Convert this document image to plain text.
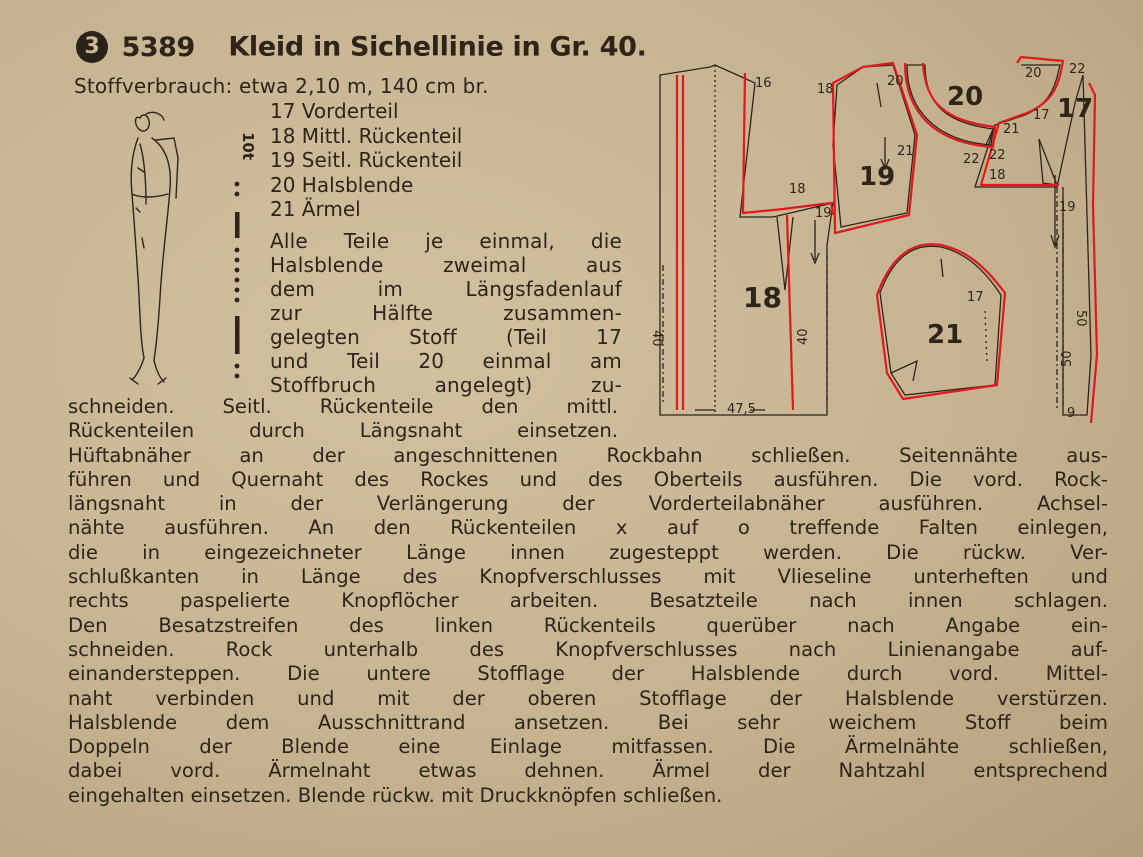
3 5389 Kleid in Sichellinie in Gr. 40.
Stoffverbrauch: etwa 2,10 m, 140 cm br.
10t
17 Vorderteil
18 Mittl. Rückenteil
19 Seitl. Rückenteil
20 Halsblende
21 Ärmel
Alle Teile je einmal, die
Halsblende zweimal aus
dem im Längsfadenlauf
zur Hälfte zusammen-
gelegten Stoff (Teil 17
und Teil 20 einmal am
Stoffbruch angelegt) zu-
schneiden. Seitl. Rückenteile den mittl.
Rückenteilen durch Längsnaht einsetzen.
Hüftabnäher an der angeschnittenen Rockbahn schließen. Seitennähte aus-
führen und Quernaht des Rockes und des Oberteils ausführen. Die vord. Rock-
längsnaht in der Verlängerung der Vorderteilabnäher ausführen. Achsel-
nähte ausführen. An den Rückenteilen x auf o treffende Falten einlegen,
die in eingezeichneter Länge innen zugesteppt werden. Die rückw. Ver-
schlußkanten in Länge des Knopfverschlusses mit Vlieseline unterheften und
rechts paspelierte Knopflöcher arbeiten. Besatzteile nach innen schlagen.
Den Besatzstreifen des linken Rückenteils querüber nach Angabe ein-
schneiden. Rock unterhalb des Knopfverschlusses nach Linienangabe auf-
einandersteppen. Die untere Stofflage der Halsblende durch vord. Mittel-
naht verbinden und mit der oberen Stofflage der Halsblende verstürzen.
Halsblende dem Ausschnittrand ansetzen. Bei sehr weichem Stoff beim
Doppeln der Blende eine Einlage mitfassen. Die Ärmelnähte schließen,
dabei vord. Ärmelnaht etwas dehnen. Ärmel der Nahtzahl entsprechend
eingehalten einsetzen. Blende rückw. mit Druckknöpfen schließen.
18
19
20
21
17
16
18
19
40	40
47,5
18
20
21
22
20 22
17
21
22
18
19
50
50
9
17
